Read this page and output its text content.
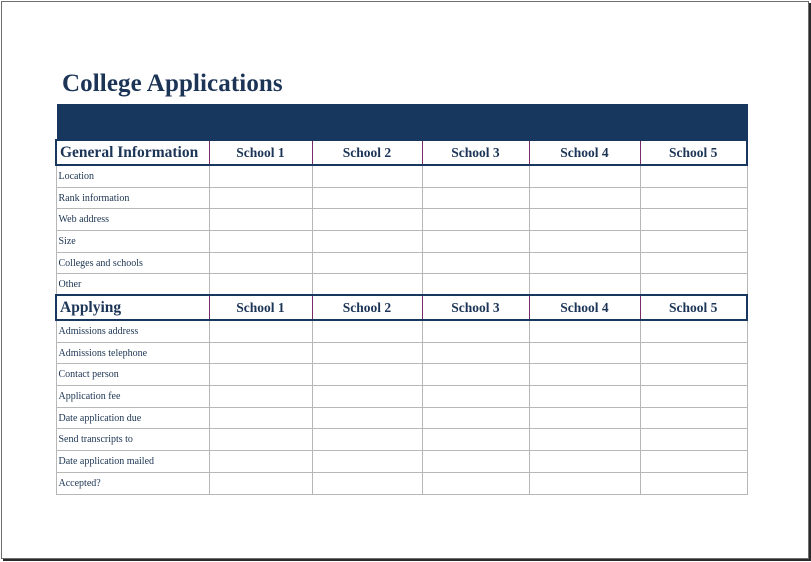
College Applications
General Information	School 1	School 2	School 3	School 4	School 5
Location					
Rank information					
Web address					
Size					
Colleges and schools					
Other					
Applying	School 1	School 2	School 3	School 4	School 5
Admissions address					
Admissions telephone					
Contact person					
Application fee					
Date application due					
Send transcripts to					
Date application mailed					
Accepted?					
